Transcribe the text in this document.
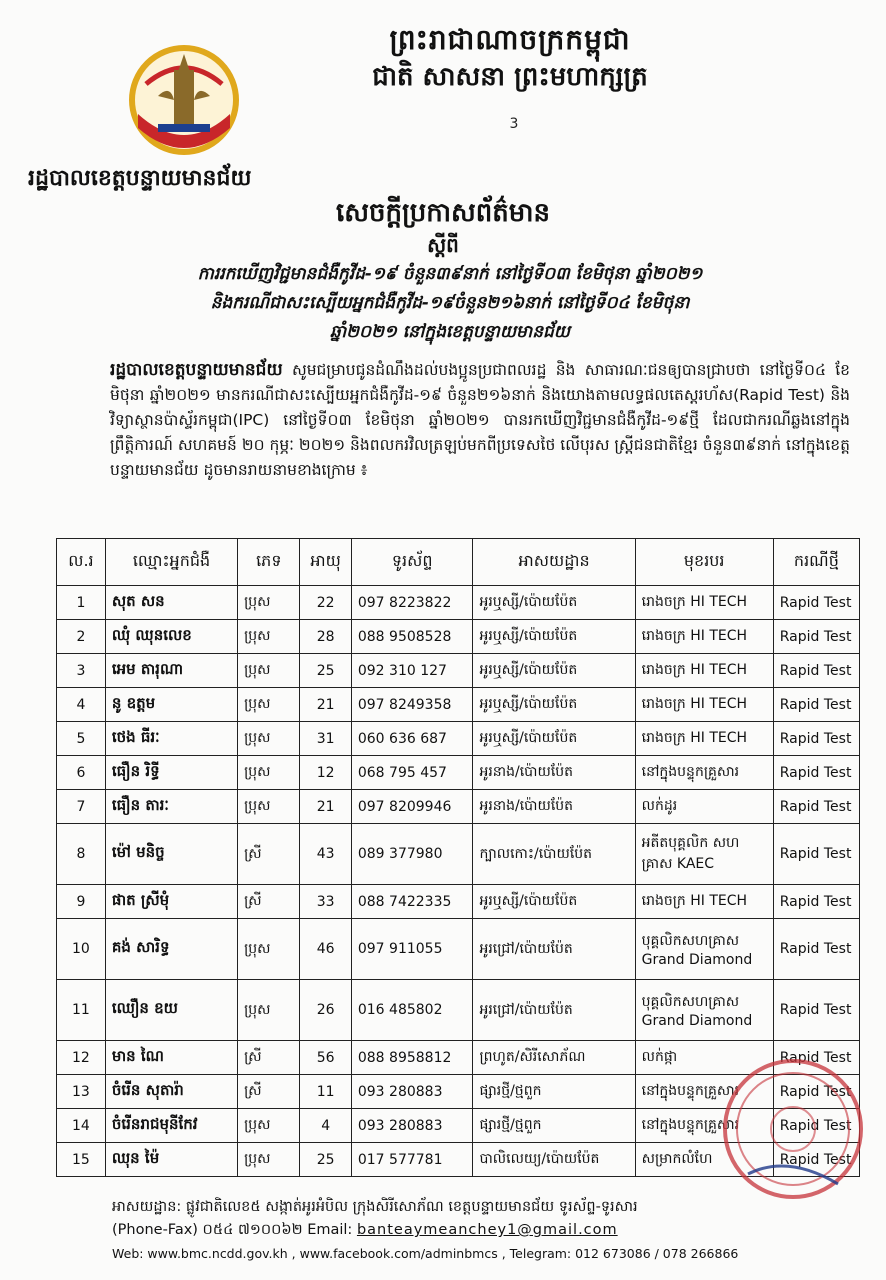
ព្រះរាជាណាចក្រកម្ពុជា
ជាតិ សាសនា ព្រះមហាក្សត្រ
3
រដ្ឋបាលខេត្តបន្ទាយមានជ័យ
សេចក្តីប្រកាសព័ត៌មាន
ស្តីពី
ការរកឃើញវិជ្ជមានជំងឺកូវីដ-១៩ ចំនួន៣៩នាក់ នៅថ្ងៃទី០៣ ខែមិថុនា ឆ្នាំ២០២១
និងករណីជាសះស្បើយអ្នកជំងឺកូវីដ-១៩ចំនួន២១៦នាក់ នៅថ្ងៃទី០៤ ខែមិថុនា
ឆ្នាំ២០២១ នៅក្នុងខេត្តបន្ទាយមានជ័យ
រដ្ឋបាលខេត្តបន្ទាយមានជ័យ សូមជម្រាបជូនដំណឹងដល់បងប្អូនប្រជាពលរដ្ឋ និង សាធារណៈជនឲ្យបានជ្រាបថា នៅថ្ងៃទី០៤ ខែមិថុនា ឆ្នាំ២០២១ មានករណីជាសះស្បើយអ្នកជំងឺកូវីដ-១៩ ចំនួន២១៦នាក់ និងយោងតាមលទ្ធផលតេស្តរហ័ស(Rapid Test) និងវិទ្យាស្ថានប៉ាស្ទ័រកម្ពុជា(IPC) នៅថ្ងៃទី០៣ ខែមិថុនា ឆ្នាំ២០២១ បានរកឃើញវិជ្ជមានជំងឺកូវីដ-១៩ថ្មី ដែលជាករណីឆ្លងនៅក្នុង ព្រឹត្តិការណ៍ សហគមន៍ ២០ កុម្ភៈ ២០២១ និងពលករវិលត្រឡប់មកពីប្រទេសថៃ លើបុរស ស្ត្រីជនជាតិខ្មែរ ចំនួន៣៩នាក់ នៅក្នុងខេត្តបន្ទាយមានជ័យ ដូចមានរាយនាមខាងក្រោម ៖
ល.រ	ឈ្មោះអ្នកជំងឺ	ភេទ	អាយុ	ទូរស័ព្ទ	អាសយដ្ឋាន	មុខរបរ	ករណីថ្មី
1	សុត សន	ប្រុស	22	097 8223822	អូរឬស្សី/ប៉ោយប៉ែត	រោងចក្រ HI TECH	Rapid Test
2	ឈុំ ឈុនលេខ	ប្រុស	28	088 9508528	អូរឬស្សី/ប៉ោយប៉ែត	រោងចក្រ HI TECH	Rapid Test
3	អេម តារុណា	ប្រុស	25	092 310 127	អូរឬស្សី/ប៉ោយប៉ែត	រោងចក្រ HI TECH	Rapid Test
4	នូ ឧត្តម	ប្រុស	21	097 8249358	អូរឬស្សី/ប៉ោយប៉ែត	រោងចក្រ HI TECH	Rapid Test
5	ថេង ធីរៈ	ប្រុស	31	060 636 687	អូរឬស្សី/ប៉ោយប៉ែត	រោងចក្រ HI TECH	Rapid Test
6	ធឿន រិទ្ធី	ប្រុស	12	068 795 457	អូរនាង/ប៉ោយប៉ែត	នៅក្នុងបន្ទុកគ្រួសារ	Rapid Test
7	ធឿន តារៈ	ប្រុស	21	097 8209946	អូរនាង/ប៉ោយប៉ែត	លក់ដូរ	Rapid Test
8	ម៉ៅ មនិច្ច	ស្រី	43	089 377980	ក្បាលកោះ/ប៉ោយប៉ែត	អតីតបុគ្គលិក សហគ្រាស KAEC	Rapid Test
9	ផាត ស្រីមុំ	ស្រី	33	088 7422335	អូរឬស្សី/ប៉ោយប៉ែត	រោងចក្រ HI TECH	Rapid Test
10	គង់ សារិទ្ធ	ប្រុស	46	097 911055	អូរជ្រៅ/ប៉ោយប៉ែត	បុគ្គលិកសហគ្រាស Grand Diamond	Rapid Test
11	ឈឿន ឧយ	ប្រុស	26	016 485802	អូរជ្រៅ/ប៉ោយប៉ែត	បុគ្គលិកសហគ្រាស Grand Diamond	Rapid Test
12	មាន ណៃ	ស្រី	56	088 8958812	ព្រហូត/សិរីសោភ័ណ	លក់ផ្កា	Rapid Test
13	ចំរើន សុតារ៉ា	ស្រី	11	093 280883	ផ្សារថ្មី/ថ្មពួក	នៅក្នុងបន្ទុកគ្រួសារ	Rapid Test
14	ចំរើនរាជមុនីកែវ	ប្រុស	4	093 280883	ផ្សារថ្មី/ថ្មពួក	នៅក្នុងបន្ទុកគ្រួសារ	Rapid Test
15	ឈុន ម៉ៃ	ប្រុស	25	017 577781	បាលិលេយ្យ/ប៉ោយប៉ែត	សម្រាកលំហែ	Rapid Test
អាសយដ្ឋាន: ផ្លូវជាតិលេខ៥ សង្កាត់អូរអំបិល ក្រុងសិរីសោភ័ណ ខេត្តបន្ទាយមានជ័យ ទូរស័ព្ទ-ទូរសារ
(Phone-Fax) ០៥៤ ៧១០០៦២ Email: banteaymeanchey1@gmail.com
Web: www.bmc.ncdd.gov.kh , www.facebook.com/adminbmcs , Telegram: 012 673086 / 078 266866
